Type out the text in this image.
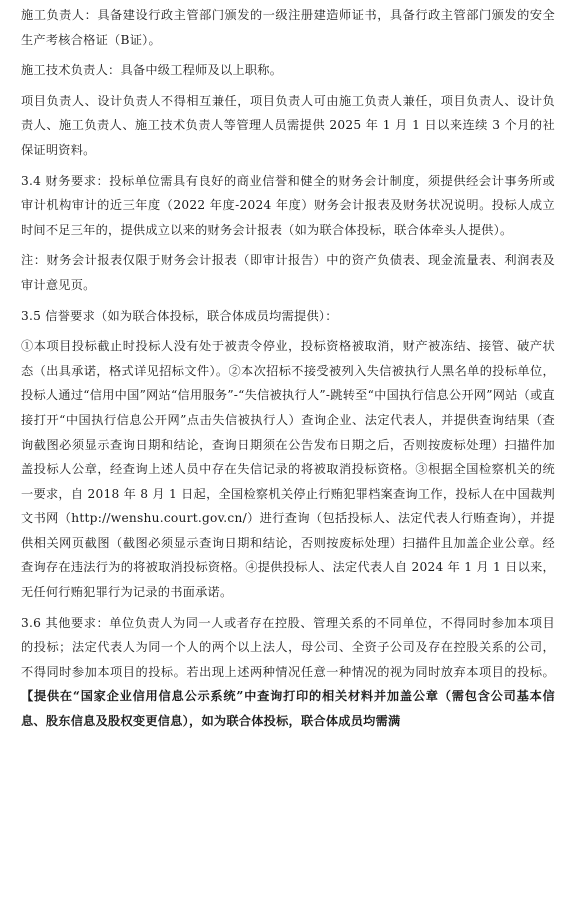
施工负责人：具备建设行政主管部门颁发的一级注册建造师证书，具备行政主管部门颁发的安全生产考核合格证（B证）。

施工技术负责人：具备中级工程师及以上职称。

项目负责人、设计负责人不得相互兼任，项目负责人可由施工负责人兼任，项目负责人、设计负责人、施工负责人、施工技术负责人等管理人员需提供 2025 年 1 月 1 日以来连续 3 个月的社保证明资料。

3.4 财务要求：投标单位需具有良好的商业信誉和健全的财务会计制度，须提供经会计事务所或审计机构审计的近三年度（2022 年度-2024 年度）财务会计报表及财务状况说明。投标人成立时间不足三年的，提供成立以来的财务会计报表（如为联合体投标，联合体牵头人提供）。

注：财务会计报表仅限于财务会计报表（即审计报告）中的资产负债表、现金流量表、利润表及审计意见页。

3.5 信誉要求（如为联合体投标，联合体成员均需提供）：

①本项目投标截止时投标人没有处于被责令停业，投标资格被取消，财产被冻结、接管、破产状态（出具承诺，格式详见招标文件）。②本次招标不接受被列入失信被执行人黑名单的投标单位，投标人通过“信用中国”网站“信用服务”-“失信被执行人”-跳转至“中国执行信息公开网”网站（或直接打开“中国执行信息公开网”点击失信被执行人）查询企业、法定代表人，并提供查询结果（查询截图必须显示查询日期和结论，查询日期须在公告发布日期之后，否则按废标处理）扫描件加盖投标人公章，经查询上述人员中存在失信记录的将被取消投标资格。③根据全国检察机关的统一要求，自 2018 年 8 月 1 日起，全国检察机关停止行贿犯罪档案查询工作，投标人在中国裁判文书网（http://wenshu.court.gov.cn/）进行查询（包括投标人、法定代表人行贿查询），并提供相关网页截图（截图必须显示查询日期和结论，否则按废标处理）扫描件且加盖企业公章。经查询存在违法行为的将被取消投标资格。④提供投标人、法定代表人自 2024 年 1 月 1 日以来，无任何行贿犯罪行为记录的书面承诺。

3.6 其他要求：单位负责人为同一人或者存在控股、管理关系的不同单位，不得同时参加本项目的投标；法定代表人为同一个人的两个以上法人，母公司、全资子公司及存在控股关系的公司，不得同时参加本项目的投标。若出现上述两种情况任意一种情况的视为同时放弃本项目的投标。【提供在“国家企业信用信息公示系统”中查询打印的相关材料并加盖公章（需包含公司基本信息、股东信息及股权变更信息），如为联合体投标，联合体成员均需满
